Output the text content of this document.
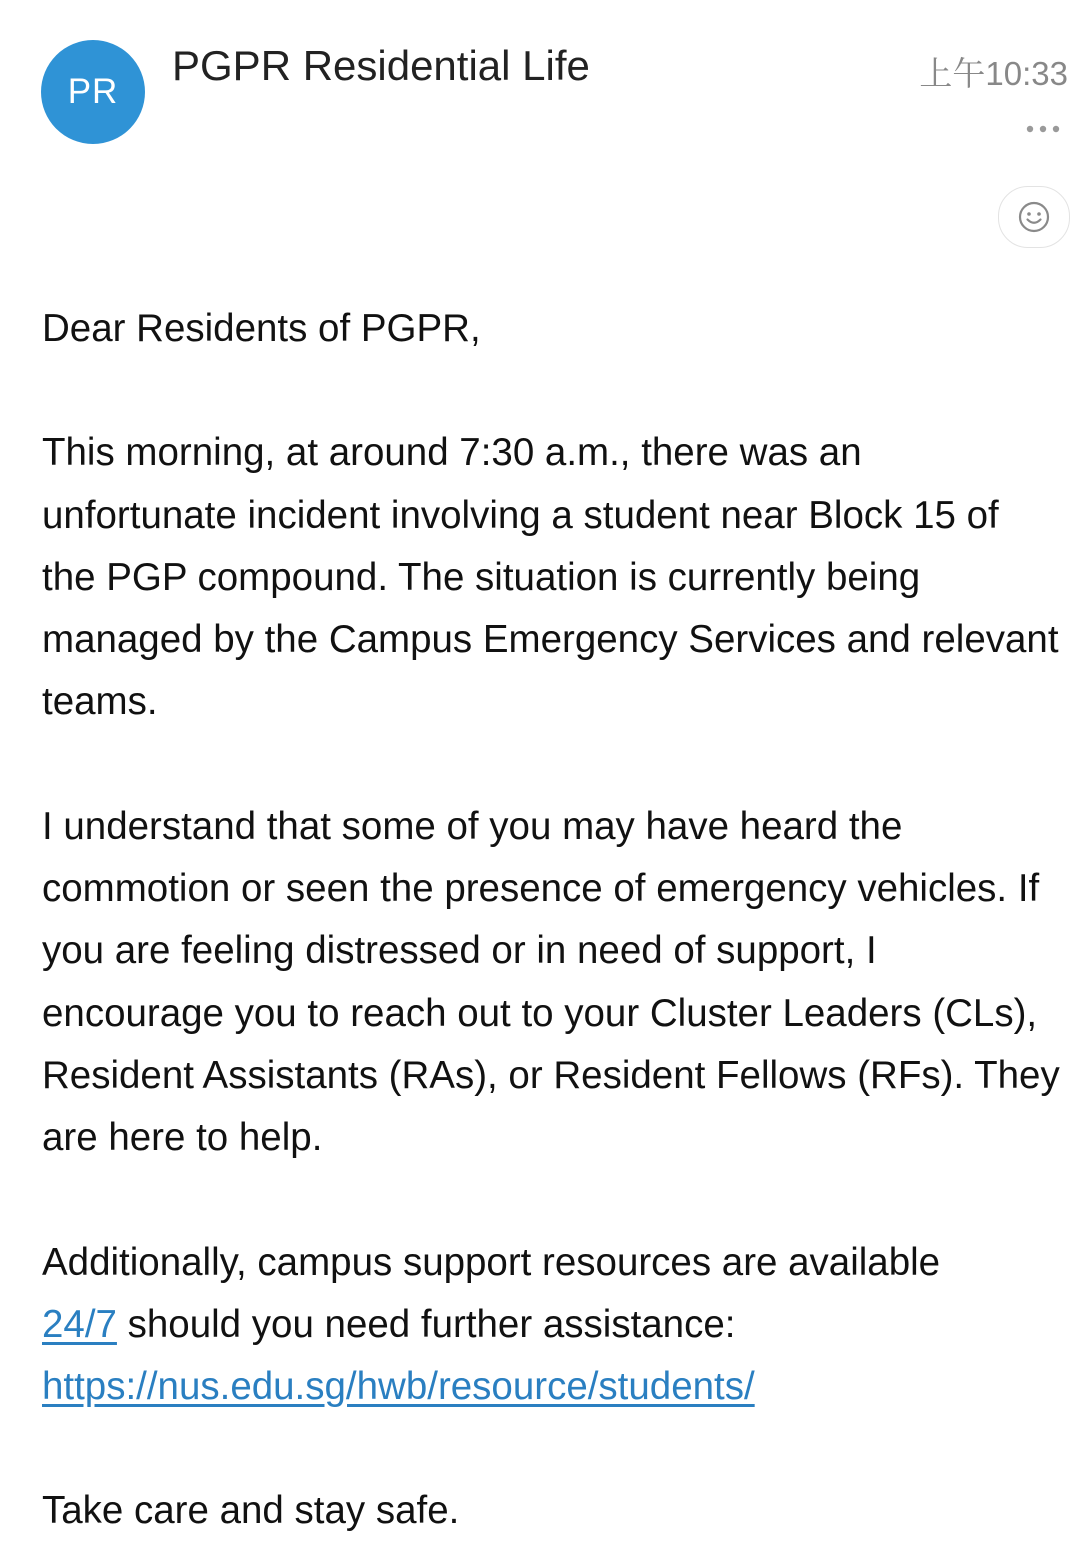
PR
PGPR Residential Life	上午10:33

Dear Residents of PGPR,

This morning, at around 7:30 a.m., there was an unfortunate incident involving a student near Block 15 of the PGP compound. The situation is currently being managed by the Campus Emergency Services and relevant teams.

I understand that some of you may have heard the commotion or seen the presence of emergency vehicles. If you are feeling distressed or in need of support, I encourage you to reach out to your Cluster Leaders (CLs), Resident Assistants (RAs), or Resident Fellows (RFs). They are here to help.

Additionally, campus support resources are available
24/7 should you need further assistance:
https://nus.edu.sg/hwb/resource/students/

Take care and stay safe.
